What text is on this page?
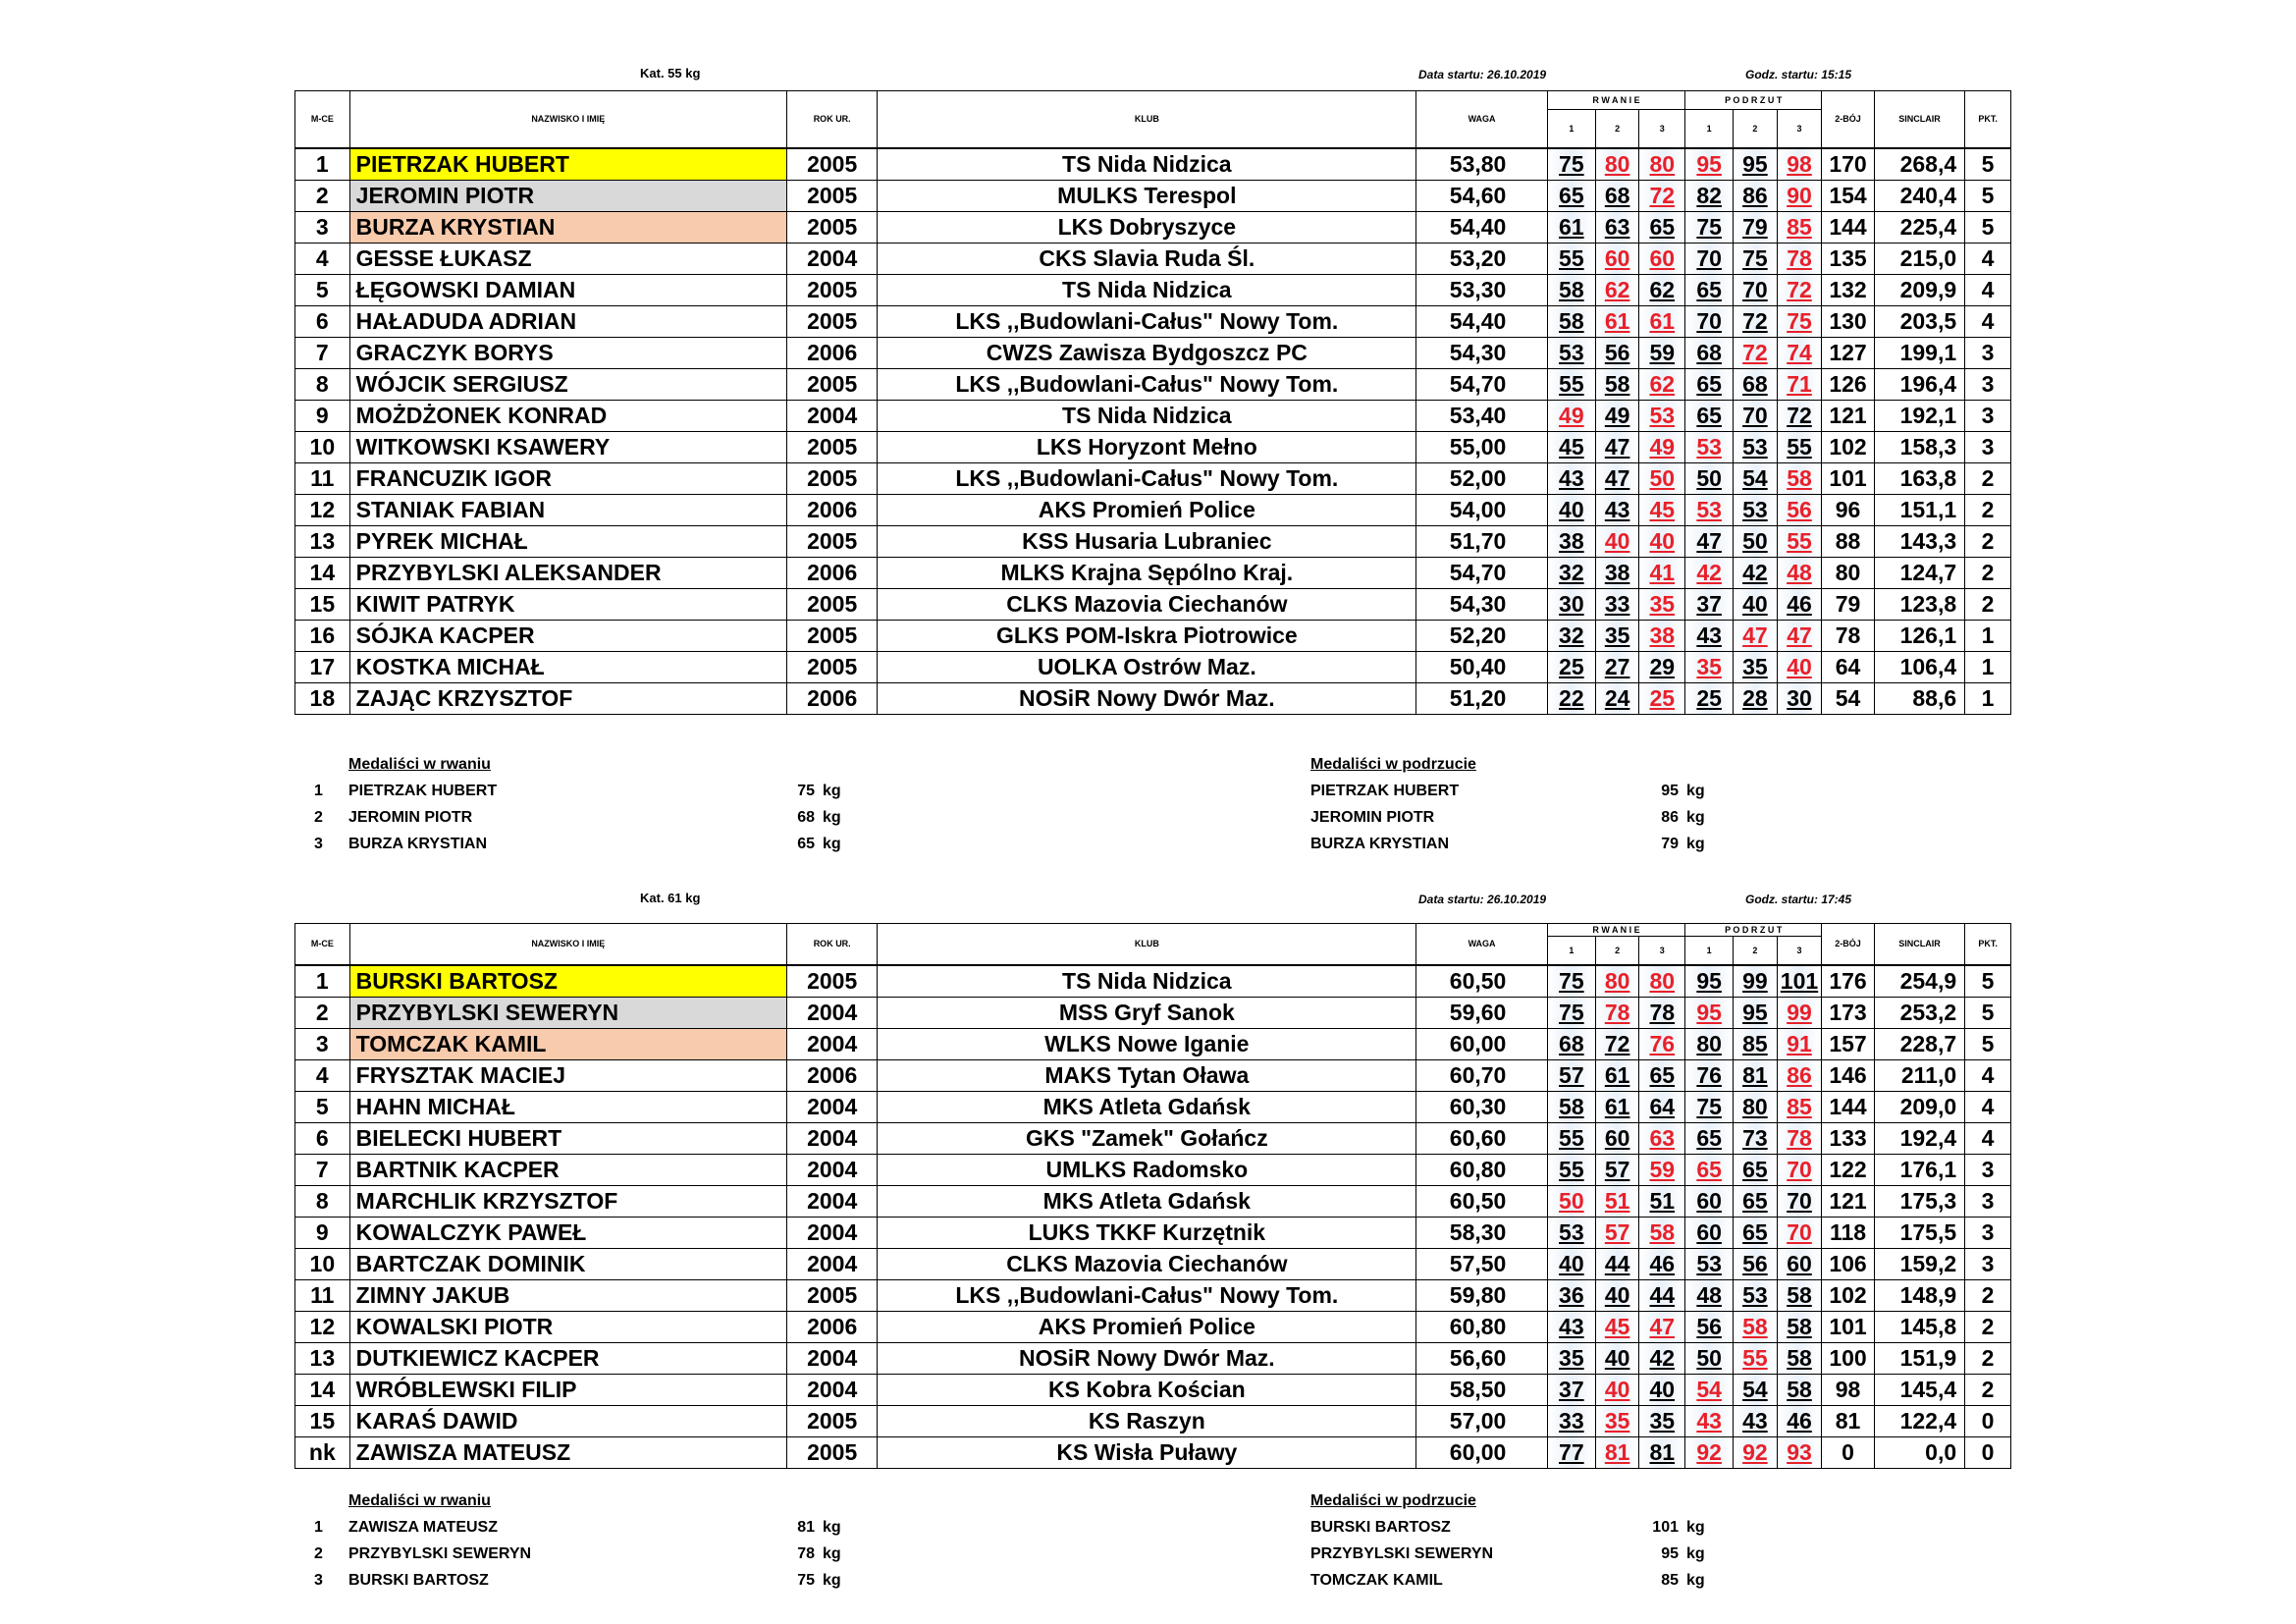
Kat. 55 kg	Data startu: 26.10.2019	Godz. startu: 15:15
M-CE	NAZWISKO I IMIĘ	ROK UR.	KLUB	WAGA	R W A N I E			P O D R Z U T			2-BÓJ	SINCLAIR	PKT.
					1	2	3	1	2	3			
1	PIETRZAK HUBERT	2005	TS Nida Nidzica	53,80	75	80	80	95	95	98	170	268,4	5
2	JEROMIN PIOTR	2005	MULKS Terespol	54,60	65	68	72	82	86	90	154	240,4	5
3	BURZA KRYSTIAN	2005	LKS Dobryszyce	54,40	61	63	65	75	79	85	144	225,4	5
4	GESSE ŁUKASZ	2004	CKS Slavia Ruda Śl.	53,20	55	60	60	70	75	78	135	215,0	4
5	ŁĘGOWSKI DAMIAN	2005	TS Nida Nidzica	53,30	58	62	62	65	70	72	132	209,9	4
6	HAŁADUDA ADRIAN	2005	LKS ,,Budowlani-Całus" Nowy Tom.	54,40	58	61	61	70	72	75	130	203,5	4
7	GRACZYK BORYS	2006	CWZS Zawisza Bydgoszcz PC	54,30	53	56	59	68	72	74	127	199,1	3
8	WÓJCIK SERGIUSZ	2005	LKS ,,Budowlani-Całus" Nowy Tom.	54,70	55	58	62	65	68	71	126	196,4	3
9	MOŻDŻONEK KONRAD	2004	TS Nida Nidzica	53,40	49	49	53	65	70	72	121	192,1	3
10	WITKOWSKI KSAWERY	2005	LKS Horyzont Mełno	55,00	45	47	49	53	53	55	102	158,3	3
11	FRANCUZIK IGOR	2005	LKS ,,Budowlani-Całus" Nowy Tom.	52,00	43	47	50	50	54	58	101	163,8	2
12	STANIAK FABIAN	2006	AKS Promień Police	54,00	40	43	45	53	53	56	96	151,1	2
13	PYREK MICHAŁ	2005	KSS Husaria Lubraniec	51,70	38	40	40	47	50	55	88	143,3	2
14	PRZYBYLSKI ALEKSANDER	2006	MLKS Krajna Sępólno Kraj.	54,70	32	38	41	42	42	48	80	124,7	2
15	KIWIT PATRYK	2005	CLKS Mazovia Ciechanów	54,30	30	33	35	37	40	46	79	123,8	2
16	SÓJKA KACPER	2005	GLKS POM-Iskra Piotrowice	52,20	32	35	38	43	47	47	78	126,1	1
17	KOSTKA MICHAŁ	2005	UOLKA Ostrów Maz.	50,40	25	27	29	35	35	40	64	106,4	1
18	ZAJĄC KRZYSZTOF	2006	NOSiR Nowy Dwór Maz.	51,20	22	24	25	25	28	30	54	88,6	1
Medaliści w rwaniu	Medaliści w podrzucie
1 PIETRZAK HUBERT	75 kg
2 JEROMIN PIOTR	68 kg
3 BURZA KRYSTIAN	65 kg
PIETRZAK HUBERT	95 kg
JEROMIN PIOTR	86 kg
BURZA KRYSTIAN	79 kg
Kat. 61 kg	Data startu: 26.10.2019	Godz. startu: 17:45
M-CE	NAZWISKO I IMIĘ	ROK UR.	KLUB	WAGA	R W A N I E			P O D R Z U T			2-BÓJ	SINCLAIR	PKT.
					1	2	3	1	2	3			
1	BURSKI BARTOSZ	2005	TS Nida Nidzica	60,50	75	80	80	95	99	101	176	254,9	5
2	PRZYBYLSKI SEWERYN	2004	MSS Gryf Sanok	59,60	75	78	78	95	95	99	173	253,2	5
3	TOMCZAK KAMIL	2004	WLKS Nowe Iganie	60,00	68	72	76	80	85	91	157	228,7	5
4	FRYSZTAK MACIEJ	2006	MAKS Tytan Oława	60,70	57	61	65	76	81	86	146	211,0	4
5	HAHN MICHAŁ	2004	MKS Atleta Gdańsk	60,30	58	61	64	75	80	85	144	209,0	4
6	BIELECKI HUBERT	2004	GKS "Zamek" Gołańcz	60,60	55	60	63	65	73	78	133	192,4	4
7	BARTNIK KACPER	2004	UMLKS Radomsko	60,80	55	57	59	65	65	70	122	176,1	3
8	MARCHLIK KRZYSZTOF	2004	MKS Atleta Gdańsk	60,50	50	51	51	60	65	70	121	175,3	3
9	KOWALCZYK PAWEŁ	2004	LUKS TKKF Kurzętnik	58,30	53	57	58	60	65	70	118	175,5	3
10	BARTCZAK DOMINIK	2004	CLKS Mazovia Ciechanów	57,50	40	44	46	53	56	60	106	159,2	3
11	ZIMNY JAKUB	2005	LKS ,,Budowlani-Całus" Nowy Tom.	59,80	36	40	44	48	53	58	102	148,9	2
12	KOWALSKI PIOTR	2006	AKS Promień Police	60,80	43	45	47	56	58	58	101	145,8	2
13	DUTKIEWICZ KACPER	2004	NOSiR Nowy Dwór Maz.	56,60	35	40	42	50	55	58	100	151,9	2
14	WRÓBLEWSKI FILIP	2004	KS Kobra Kościan	58,50	37	40	40	54	54	58	98	145,4	2
15	KARAŚ DAWID	2005	KS Raszyn	57,00	33	35	35	43	43	46	81	122,4	0
nk	ZAWISZA MATEUSZ	2005	KS Wisła Puławy	60,00	77	81	81	92	92	93	0	0,0	0
Medaliści w rwaniu	Medaliści w podrzucie
1 ZAWISZA MATEUSZ	81 kg
2 PRZYBYLSKI SEWERYN	78 kg
3 BURSKI BARTOSZ	75 kg
BURSKI BARTOSZ	101 kg
PRZYBYLSKI SEWERYN	95 kg
TOMCZAK KAMIL	85 kg
